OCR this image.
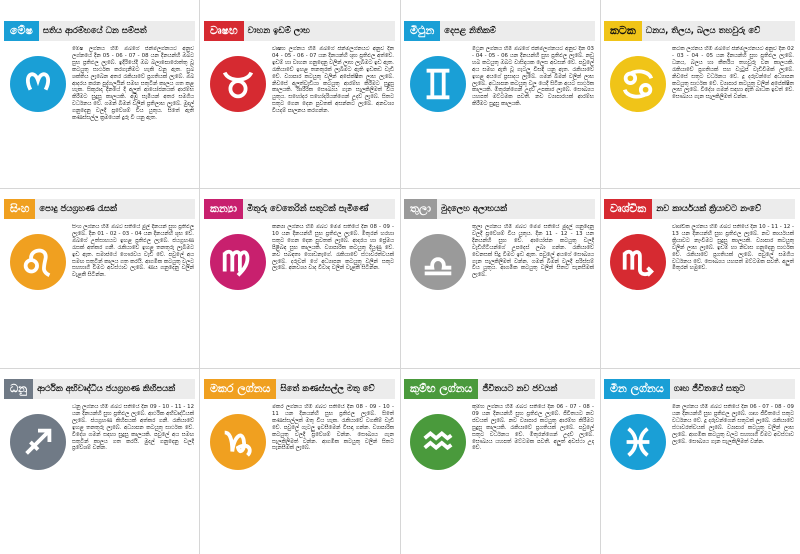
මේෂ	සතිය ආරම්භයේ ධන සම්පත්
මේෂ ලග්නය හිමි ඔබගේ ජන්මලග්නයට අනුව ලග්නයේ දින 05 - 06 - 07 - 08 යන දිනයන්හි ඔබට සුභ ප්‍රතිඵල ලැබේ. ඉදිරියේදී ඔබ බලාපොරොත්තු වූ කටයුතු සාර්ථක කරගැනීමට හැකි වනු ඇත. සුබ ශක්තිය ලැබෙන අතර රැකියාවේ ප්‍රගතියක් ලැබේ. ඔබ ආදරය කරන පුද්ගලයින් සමඟ සතුටින් කාලය ගත කළ හැක. සිකුරාදා දිනයේ දී අලුත් ආයෝජනයක් ආරම්භ කිරීමට සුදුසු කාලයකි. අඹු සැමියන් අතර සමගිය වර්ධනය වේ. ගමන් බිමන් වලින් ප්‍රතිලාභ ලැබේ. මුදල් ගනුදෙනු වලදී ප්‍රවේශම් විය යුතුය. සිතේ ඇති කණස්සල්ල ක්‍රමයෙන් දුරු වී යනු ඇත.
වෘෂභ	වාහන ඉඩම් ලාභ
වෘෂභ ලග්නය හිමි ඔබගේ ජන්මලග්නයට අනුව දින 04 - 05 - 06 - 07 යන දිනයන්හි ශුභ ප්‍රතිඵල අත්වේ. ඉඩම් හා වාහන ගනුදෙනු වලින් ලාභ ලැබීමට ඉඩ ඇත. රැකියාවේ ඉහළ තනතුරක් ලැබීමට ඇති ඉඩකඩ වැඩි වේ. ව්‍යාපාර කටයුතු වලින් අපේක්ෂිත ලාභ ලැබේ. නිවසේ අලුත්වැඩියා කටයුතු ආරම්භ කිරීමට සුදුසු කාලයකි. ශාරීරික සෞඛ්‍යය ගැන සැලකිලිමත් විය යුතුය. සහෝදර සහෝදරියන්ගෙන් උදව් ලැබේ. සිතට සතුට ගෙන දෙන පුවතක් අසන්නට ලැබේ. අනවශ්‍ය වියදම් පාලනය කරගන්න.
මිථුන	දෙපළ නිතිකම්
මිථුන ලග්නය හිමි ඔබගේ ජන්මලග්නයට අනුව දින 03 - 04 - 05 - 06 යන දිනයන්හි සුභ ප්‍රතිඵල ලැබේ. නඩු හබ කටයුතු ඔබට වාසිදායක ලෙස අවසන් වේ. පවුලේ අය සමඟ ඇති වූ ගැටලු විසඳී යනු ඇත. රැකියාවේ ඉහළ අයගේ ප්‍රසාදය ලැබේ. ගමන් බිමන් වලින් ලාභ ලැබේ. අධ්‍යාපන කටයුතු වල යෙදී සිටින අයට සාර්ථක කාලයකි. මිතුරන්ගෙන් උදව් උපකාර ලැබේ. සෞඛ්‍යය යහපත් මට්ටමක පවතී. නව ව්‍යාපාරයක් ආරම්භ කිරීමට සුදුසු කාලයකි.
කටක	ධනය, තිලය, බලය තහවුරු වේ
කටක ලග්නය හිමි ඔබගේ ජන්මලග්නයට අනුව දින 02 - 03 - 04 - 05 යන දිනයන්හි සුභ ප්‍රතිඵල ලැබේ. ධනය, බලය හා කීර්තිය තහවුරු වන කාලයකි. රැකියාවේ ප්‍රගතියක් සහ වැටුප් වැඩිවීමක් ලැබේ. නිවසේ සතුට වර්ධනය වේ. දූ දරුවන්ගේ අධ්‍යාපන කටයුතු සාර්ථක වේ. ව්‍යාපාර කටයුතු වලින් අපේක්ෂිත ලාභ ලැබේ. විදේශ ගමන් සඳහා ඇති බාධක ඉවත් වේ. සෞඛ්‍යය ගැන සැලකිලිමත් වන්න.
සිංහ	පොදු ජයග්‍රහණ රැසක්
සිංහ ලග්නය හිමි ඔබට සතියේ මුල් දිනයන් සුභ ප්‍රතිඵල ලැබේ. දින 01 - 02 - 03 - 04 යන දිනයන්හි ශුභ වේ. ඔබගේ උත්සාහයට ඉහළ ප්‍රතිඵල ලැබේ. ජයග්‍රහණ රැසක් අත්කර ගනී. රැකියාවේ ඉහළ තනතුරු ලැබීමට ඉඩ ඇත. සමාජයේ ගෞරවය වැඩි වේ. පවුලේ අය සමඟ සතුටින් කාලය ගත කරයි. ආගමික කටයුතු වලට සහභාගී වීමට අවස්ථාව ලැබේ. ණය ගනුදෙනු වලින් වැළකී සිටින්න.
කන්‍යා	මිතුරු වෙතෙරින් සතුටක් පැමිණේ
කන්‍යා ලග්නය හිමි ඔබට මෙම සතියේ දින 08 - 09 - 10 යන දිනයන්හි සුභ ප්‍රතිඵල ලැබේ. මිතුරන් හරහා සතුට ගෙන දෙන පුවතක් ලැබේ. ආදරය හා ප්‍රේමය පිළිබඳ සුභ කාලයකි. ව්‍යාපාරික කටයුතු දියුණු වේ. නව සබඳතා ගොඩනැගේ. රැකියාවේ ස්ථාවරත්වයක් ලැබේ. දරුවන් ගේ අධ්‍යාපන කටයුතු වලින් සතුට ලැබේ. අනවශ්‍ය වාද විවාද වලින් වැළකී සිටින්න.
තුලා	මුදලෙහ අලාභයක්
තුලා ලග්නය හිමි ඔබට මෙම සතියේ මුදල් ගනුදෙනු වලදී ප්‍රවේශම් විය යුතුය. දින 11 - 12 - 13 යන දිනයන්හි සුභ වේ. ආයෝජන කටයුතු වලදී වැඩිහිටියන්ගේ උපදෙස් ලබා ගන්න. රැකියාවේ වෙනසක් සිදු වීමට ඉඩ ඇත. පවුලේ අයගේ සෞඛ්‍යය ගැන සැලකිලිමත් වන්න. ගමන් බිමන් වලදී පරිස්සම් විය යුතුය. ආගමික කටයුතු වලින් සිතට සැනසීමක් ලැබේ.
වෘශ්චික	නව කාර්යයක් ක්‍රියාවට නංවේ
වෘශ්චික ලග්නය හිමි ඔබට සතියේ දින 10 - 11 - 12 - 13 යන දිනයන්හි සුභ ප්‍රතිඵල ලැබේ. නව කාර්යයක් ක්‍රියාවට නැංවීමට සුදුසු කාලයකි. ව්‍යාපාර කටයුතු වලින් ලාභ ලැබේ. ඉඩම් හා නිවාස ගනුදෙනු සාර්ථක වේ. රැකියාවේ ප්‍රගතියක් ලැබේ. පවුලේ සමගිය වර්ධනය වේ. සෞඛ්‍යය යහපත් මට්ටමක පවතී. අලුත් මිතුරන් හමුවේ.
ධනු	ආර්ථික අභිවෘද්ධිය ජයග්‍රහණ කිහිපයක්
ධනු ලග්නය හිමි ඔබට සතියේ දින 09 - 10 - 11 - 12 යන දිනයන්හි සුභ ප්‍රතිඵල ලැබේ. ආර්ථික අභිවෘද්ධියක් ලැබේ. ජයග්‍රහණ කිහිපයක් අත්කර ගනී. රැකියාවේ ඉහළ තනතුරු ලැබේ. අධ්‍යාපන කටයුතු සාර්ථක වේ. විදේශ ගමන් සඳහා සුදුසු කාලයකි. පවුලේ අය සමඟ සතුටින් කාලය ගත කරයි. මුදල් ගනුදෙනු වලදී ප්‍රවේශම් වන්න.
මකර ලග්නය	සිතේ කණස්සල්ල මතු වේ
මකර ලග්නය හිමි ඔබට සතියේ දින 08 - 09 - 10 - 11 යන දිනයන්හි සුභ ප්‍රතිඵල ලැබේ. සිතේ කණස්සල්ලක් මතු විය හැක. රැකියාවේ වගකීම් වැඩි වේ. පවුලේ ගැටලු ඉවසීමෙන් විසඳා ගන්න. ව්‍යාපාරික කටයුතු වලදී ප්‍රවේශම් වන්න. සෞඛ්‍යය ගැන සැලකිලිමත් වන්න. ආගමික කටයුතු වලින් සිතට සැනසීමක් ලැබේ.
කුම්භ ලග්නය	ජීවිතයට නව ජවයක්
කුම්භ ලග්නය හිමි ඔබට සතියේ දින 06 - 07 - 08 - 09 යන දිනයන්හි සුභ ප්‍රතිඵල ලැබේ. ජීවිතයට නව ජවයක් ලැබේ. නව ව්‍යාපාර කටයුතු ආරම්භ කිරීමට සුදුසු කාලයකි. රැකියාවේ ප්‍රගතියක් ලැබේ. පවුලේ සතුට වර්ධනය වේ. මිතුරන්ගෙන් උදව් ලැබේ. සෞඛ්‍යය යහපත් මට්ටමක පවතී. අලුත් අවස්ථා උදා වේ.
මීන ලග්නය	ගෘහ ජීවිතයේ සතුට
මීන ලග්නය හිමි ඔබට සතියේ දින 06 - 07 - 08 - 09 යන දිනයන්හි සුභ ප්‍රතිඵල ලැබේ. ගෘහ ජීවිතයේ සතුට වර්ධනය වේ. දූ දරුවන්ගෙන් සතුටක් ලැබේ. රැකියාවේ ස්ථාවරත්වයක් ලැබේ. ව්‍යාපාර කටයුතු වලින් ලාභ ලැබේ. ආගමික කටයුතු වලට සහභාගී වීමට අවස්ථාව ලැබේ. සෞඛ්‍යය ගැන සැලකිලිමත් වන්න.
